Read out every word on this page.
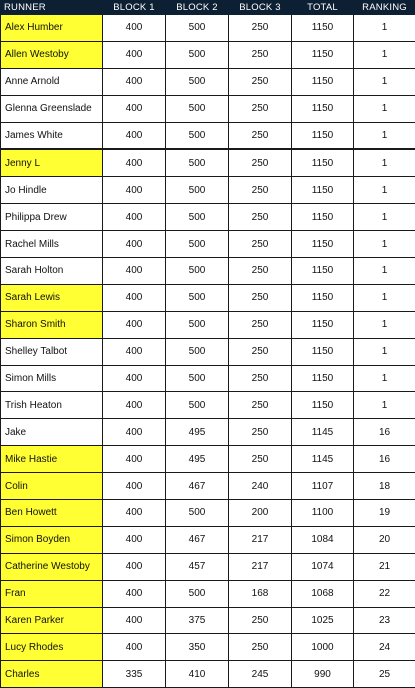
RUNNER	BLOCK 1	BLOCK 2	BLOCK 3	TOTAL	RANKING
Alex Humber	400	500	250	1150	1
Allen Westoby	400	500	250	1150	1
Anne Arnold	400	500	250	1150	1
Glenna Greenslade	400	500	250	1150	1
James White	400	500	250	1150	1
Jenny L	400	500	250	1150	1
Jo Hindle	400	500	250	1150	1
Philippa Drew	400	500	250	1150	1
Rachel Mills	400	500	250	1150	1
Sarah Holton	400	500	250	1150	1
Sarah Lewis	400	500	250	1150	1
Sharon Smith	400	500	250	1150	1
Shelley Talbot	400	500	250	1150	1
Simon Mills	400	500	250	1150	1
Trish Heaton	400	500	250	1150	1
Jake	400	495	250	1145	16
Mike Hastie	400	495	250	1145	16
Colin	400	467	240	1107	18
Ben Howett	400	500	200	1100	19
Simon Boyden	400	467	217	1084	20
Catherine Westoby	400	457	217	1074	21
Fran	400	500	168	1068	22
Karen Parker	400	375	250	1025	23
Lucy Rhodes	400	350	250	1000	24
Charles	335	410	245	990	25
